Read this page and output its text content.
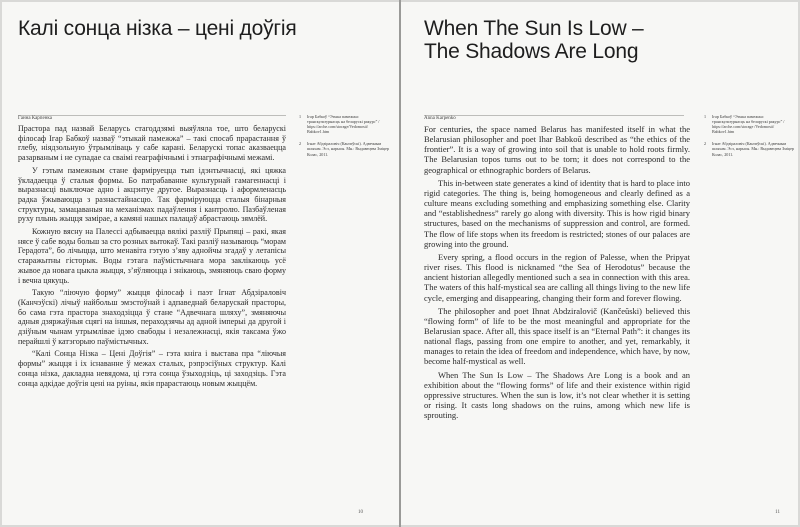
Калі сонца нізка – цені доўгія
Ганна Карпенка

Прастора пад назвай Беларусь стагоддзямі выяўляла тое, што беларускі філосаф Ігар Бабкоў назваў “этыкай памежжа” – такі спосаб прарастання ў глебу, ніядзольную ўтрымліваць у сабе карані. Беларускі топас аказваецца разарваным і не супадае са сваімі геаграфічнымі і этнаграфічнымі межамі.

У гэтым памежным стане фарміруецца тып ідэнтычнасці, які цяжка ўкладаецца ў сталыя формы. Бо патрабаванне культурнай гамагеннасці і выразнасці выключае адно і акцэнтуе другое. Выразнасць і аформленасць радка ўжываюцца з разнастайнасцю. Так фарміруюцца сталыя бінарныя структуры, замацаваныя на механізмах падаўлення і кантролю. Пазбаўленая руху плынь жыцця заміраe, а камяні нашых палацаў абрастаюць зямлёй.

Кожную вясну на Палессі адбываецца вялікі разліў Прыпяці – ракі, якая нясе ў сабе воды больш за сто розных вытокаў. Такі разліў называюць “морам Герадота”, бо лічыцца, што менавіта гэтую з’яву аднойчы згадаў у летапісы старажытны гісторык. Воды гэтага паўмістычнага мора заклікаюць усё жывое да новага цыкла жыцця, з’яўляюцца і знікаюць, змяняюць сваю форму і вечна цякуць.

Такую “ліючую форму” жыцця філосаф і паэт Ігнат Абдзіраловіч (Канчэўскі) лічыў найбольш эмэстоўнай і адпаведнай беларускай прасторы, бо сама гэта прастора знаходзіцца ў стане “Адвечнага шляху”, змяняючы адныя дзяржаўныя сцягі на іншыя, пераходзячы ад адной імперыі да другой і дзіўным чынам утрымліваe ідэю свабоды і незалежнасці, якія таксама ўжо перайшлі ў катэгорыю паўмістычных.

“Калі Сонца Нізка – Цені Доўгія” – гэта кніга і выстава пра “ліючыя формы” жыцця і іх існаванне ў межах сталых, рэпрэсіўных структур. Калі сонца нізка, дакладна невядома, ці гэта сонца ўзыходзіць, ці заходзіць. Гэта сонца адкідае доўгія цені на руіны, якія прарастаюць новым жыццём.

1	Ігар Бабкоў “Этыка памежжа: транскультурнасць на беларускі ракурс” / https://arche.com/storage/Vedomosti/ Babkov1.htm
2	Ігнат Абдзіраловіч (Канчэўскі). Адвечным шляхам. Эсэ, нарысы. Мн.: Выдавецтва Зміцер Колас, 2011.
10
When The Sun Is Low –
The Shadows Are Long
Anna Karpenko

For centuries, the space named Belarus has manifested itself in what the Belarusian philosopher and poet Ihar Babkoŭ described as “the ethics of the frontier”. It is a way of growing into soil that is unable to hold roots firmly. The Belarusian topos turns out to be torn; it does not correspond to the geographical or ethnographic borders of Belarus.

This in-between state generates a kind of identity that is hard to place into rigid categories. The thing is, being homogeneous and clearly defined as a culture means excluding something and emphasizing something else. Clarity and “establishedness” rarely go along with diversity. This is how rigid binary structures, based on the mechanisms of suppression and control, are formed. The flow of life stops when its freedom is restricted; stones of our palaces are growing into the ground.

Every spring, a flood occurs in the region of Palesse, when the Pripyat river rises. This flood is nicknamed “the Sea of Herodotus” because the ancient historian allegedly mentioned such a sea in connection with this area. The waters of this half-mystical sea are calling all things living to the new life cycle, emerging and disappearing, changing their form and forever flowing.

The philosopher and poet Ihnat Abdziralovič (Kančeŭski) believed this “flowing form” of life to be the most meaningful and appropriate for the Belarusian space. After all, this space itself is an “Eternal Path”: it changes its national flags, passing from one empire to another, and yet, remarkably, it manages to retain the idea of freedom and independence, which have, by now, become half-mystical as well.

When The Sun Is Low – The Shadows Are Long is a book and an exhibition about the “flowing forms” of life and their existence within rigid oppressive structures. When the sun is low, it’s not clear whether it is setting or rising. It casts long shadows on the ruins, among which new life is sprouting.

1	Ігар Бабкоў “Этыка памежжа: транскультурнасць на беларускі ракурс” / https://arche.com/storage /Vedomosti/ Babkov1.htm
2	Ігнат Абдзіраловіч (Канчэўскі). Адвечным шляхам. Эсэ, нарысы. Мн.: Выдавецтва Зміцер Колас, 2011.
11
